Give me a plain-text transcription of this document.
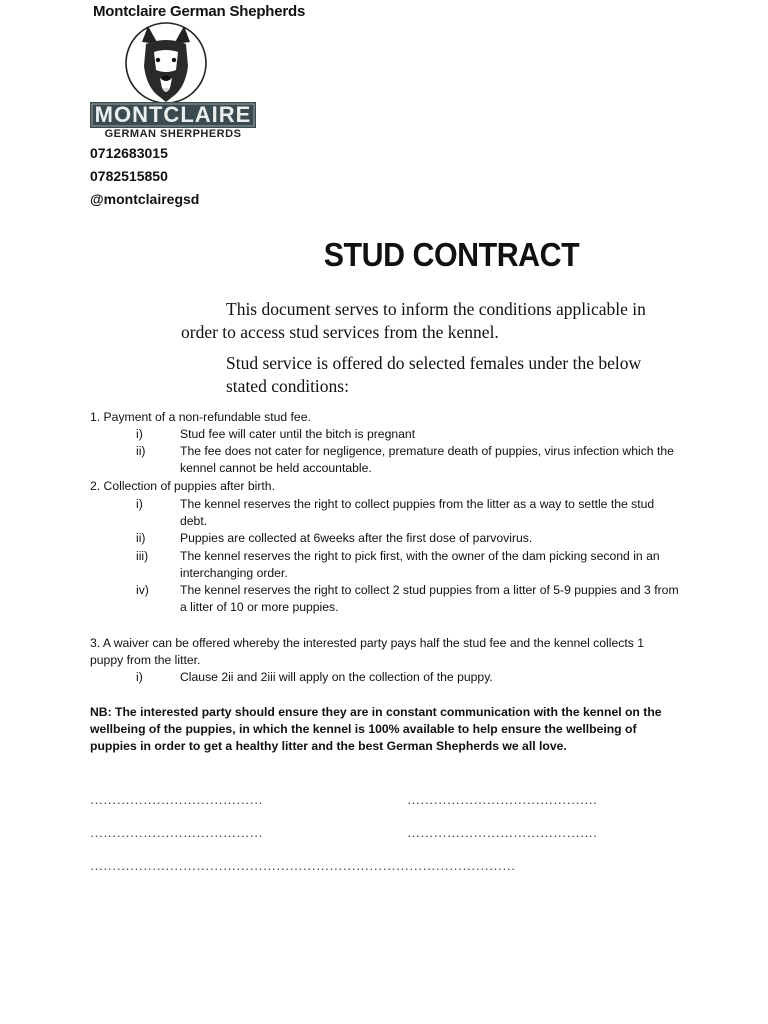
Montclaire German Shepherds
MONTCLAIRE
GERMAN SHERPHERDS
0712683015
0782515850
@montclairegsd
STUD CONTRACT
This document serves to inform the conditions applicable in order to access stud services from the kennel.
Stud service is offered do selected females under the below stated conditions:
1. Payment of a non-refundable stud fee.
i)	Stud fee will cater until the bitch is pregnant
ii)	The fee does not cater for negligence, premature death of puppies, virus infection which the kennel cannot be held accountable.
2. Collection of puppies after birth.
i)	The kennel reserves the right to collect puppies from the litter as a way to settle the stud debt.
ii)	Puppies are collected at 6weeks after the first dose of parvovirus.
iii)	The kennel reserves the right to pick first, with the owner of the dam picking second in an interchanging order.
iv)	The kennel reserves the right to collect 2 stud puppies from a litter of 5-9 puppies and 3 from a litter of 10 or more puppies.
3. A waiver can be offered whereby the interested party pays half the stud fee and the kennel collects 1 puppy from the litter.
i)	Clause 2ii and 2iii will apply on the collection of the puppy.
NB: The interested party should ensure they are in constant communication with the kennel on the wellbeing of the puppies, in which the kennel is 100% available to help ensure the wellbeing of puppies in order to get a healthy litter and the best German Shepherds we all love.
…………………………………	…………………………………….
…………………………………	…………………………………….
……………………………………………………………………………………
